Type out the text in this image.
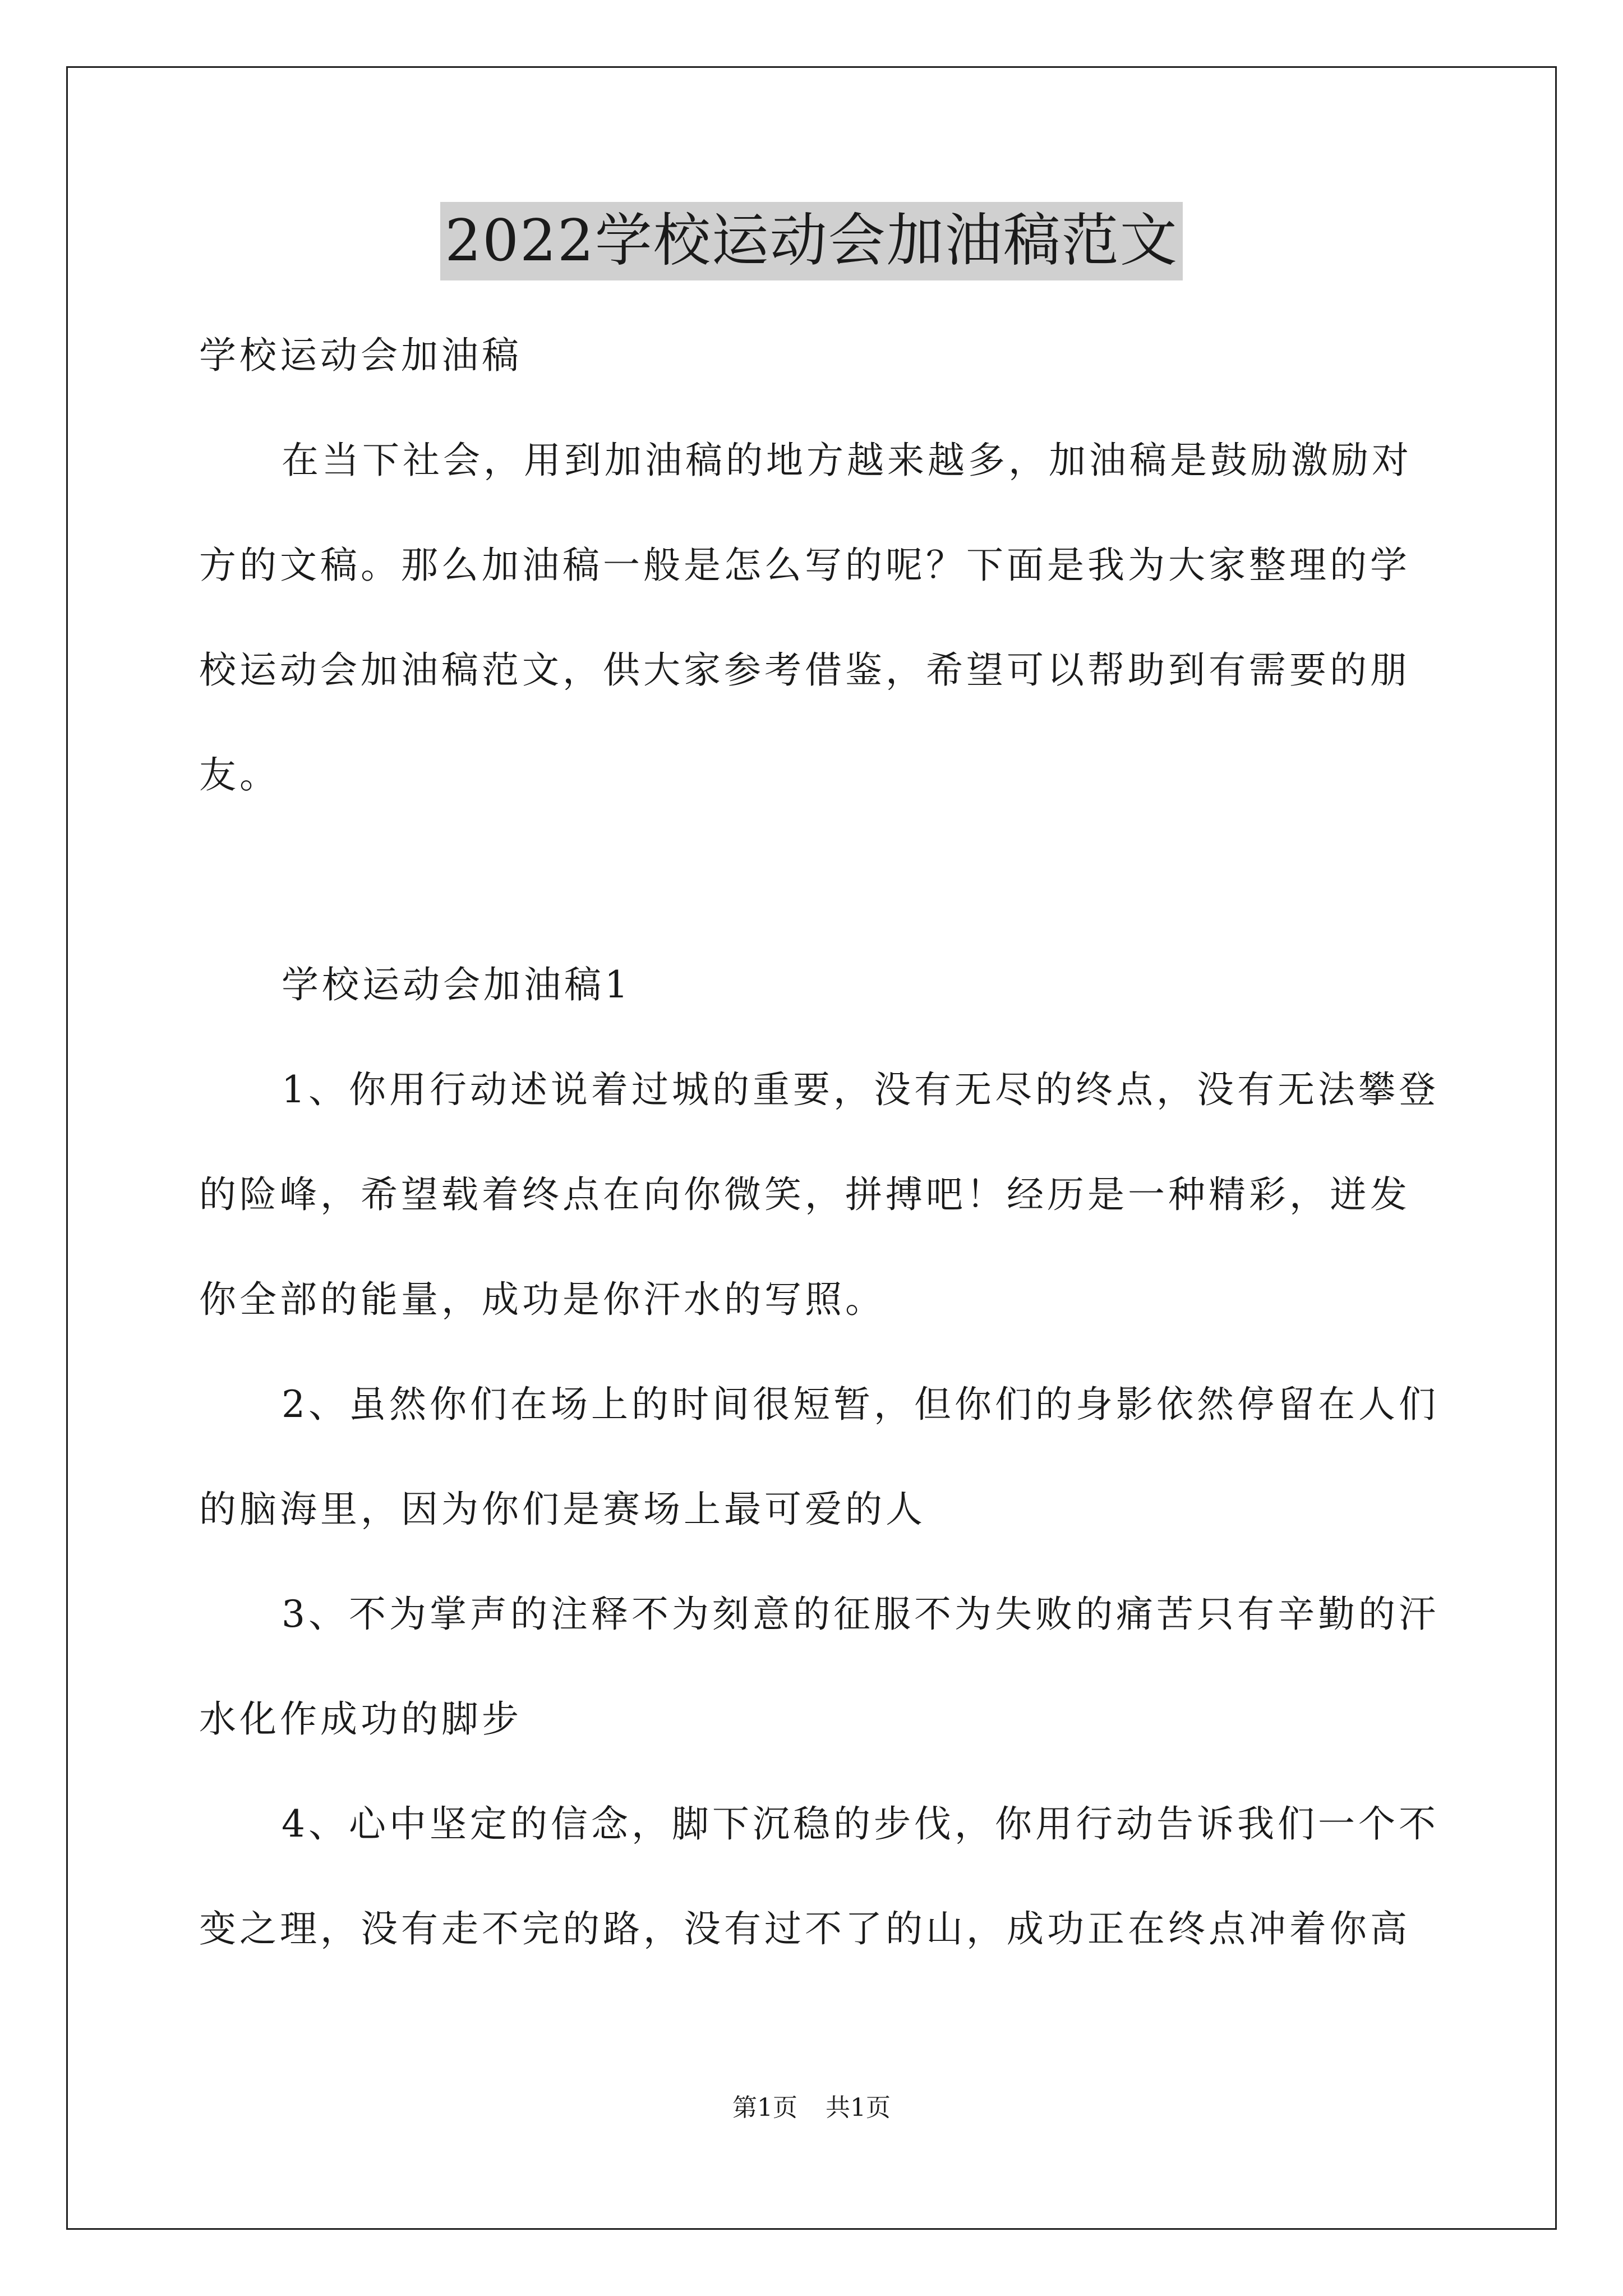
2022学校运动会加油稿范文
学校运动会加油稿
在当下社会，用到加油稿的地方越来越多，加油稿是鼓励激励对
方的文稿。那么加油稿一般是怎么写的呢？下面是我为大家整理的学
校运动会加油稿范文，供大家参考借鉴，希望可以帮助到有需要的朋
友。
学校运动会加油稿1
1、你用行动述说着过城的重要，没有无尽的终点，没有无法攀登
的险峰，希望载着终点在向你微笑，拼搏吧！经历是一种精彩，迸发
你全部的能量，成功是你汗水的写照。
2、虽然你们在场上的时间很短暂，但你们的身影依然停留在人们
的脑海里，因为你们是赛场上最可爱的人
3、不为掌声的注释不为刻意的征服不为失败的痛苦只有辛勤的汗
水化作成功的脚步
4、心中坚定的信念，脚下沉稳的步伐，你用行动告诉我们一个不
变之理，没有走不完的路，没有过不了的山，成功正在终点冲着你高
第1页 共1页
